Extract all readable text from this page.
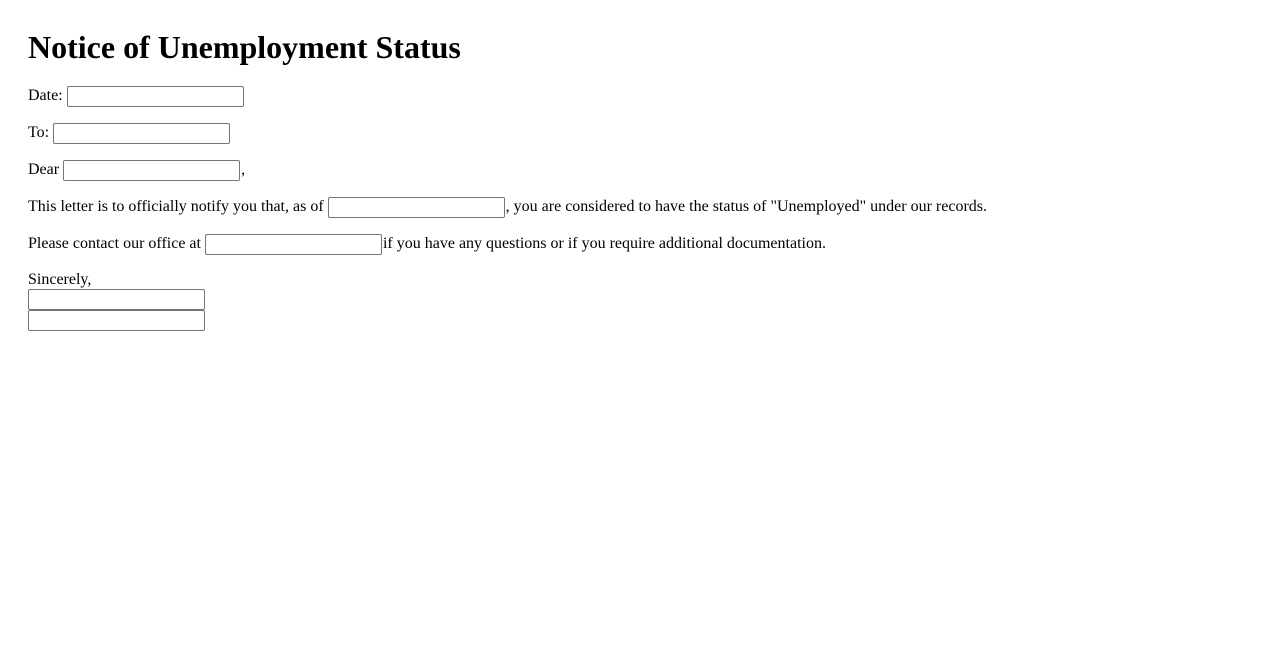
Notice of Unemployment Status
Date:
To:
Dear	,
This letter is to officially notify you that, as of	, you are considered to have the status of "Unemployed" under our records.
Please contact our office at	if you have any questions or if you require additional documentation.
Sincerely,
